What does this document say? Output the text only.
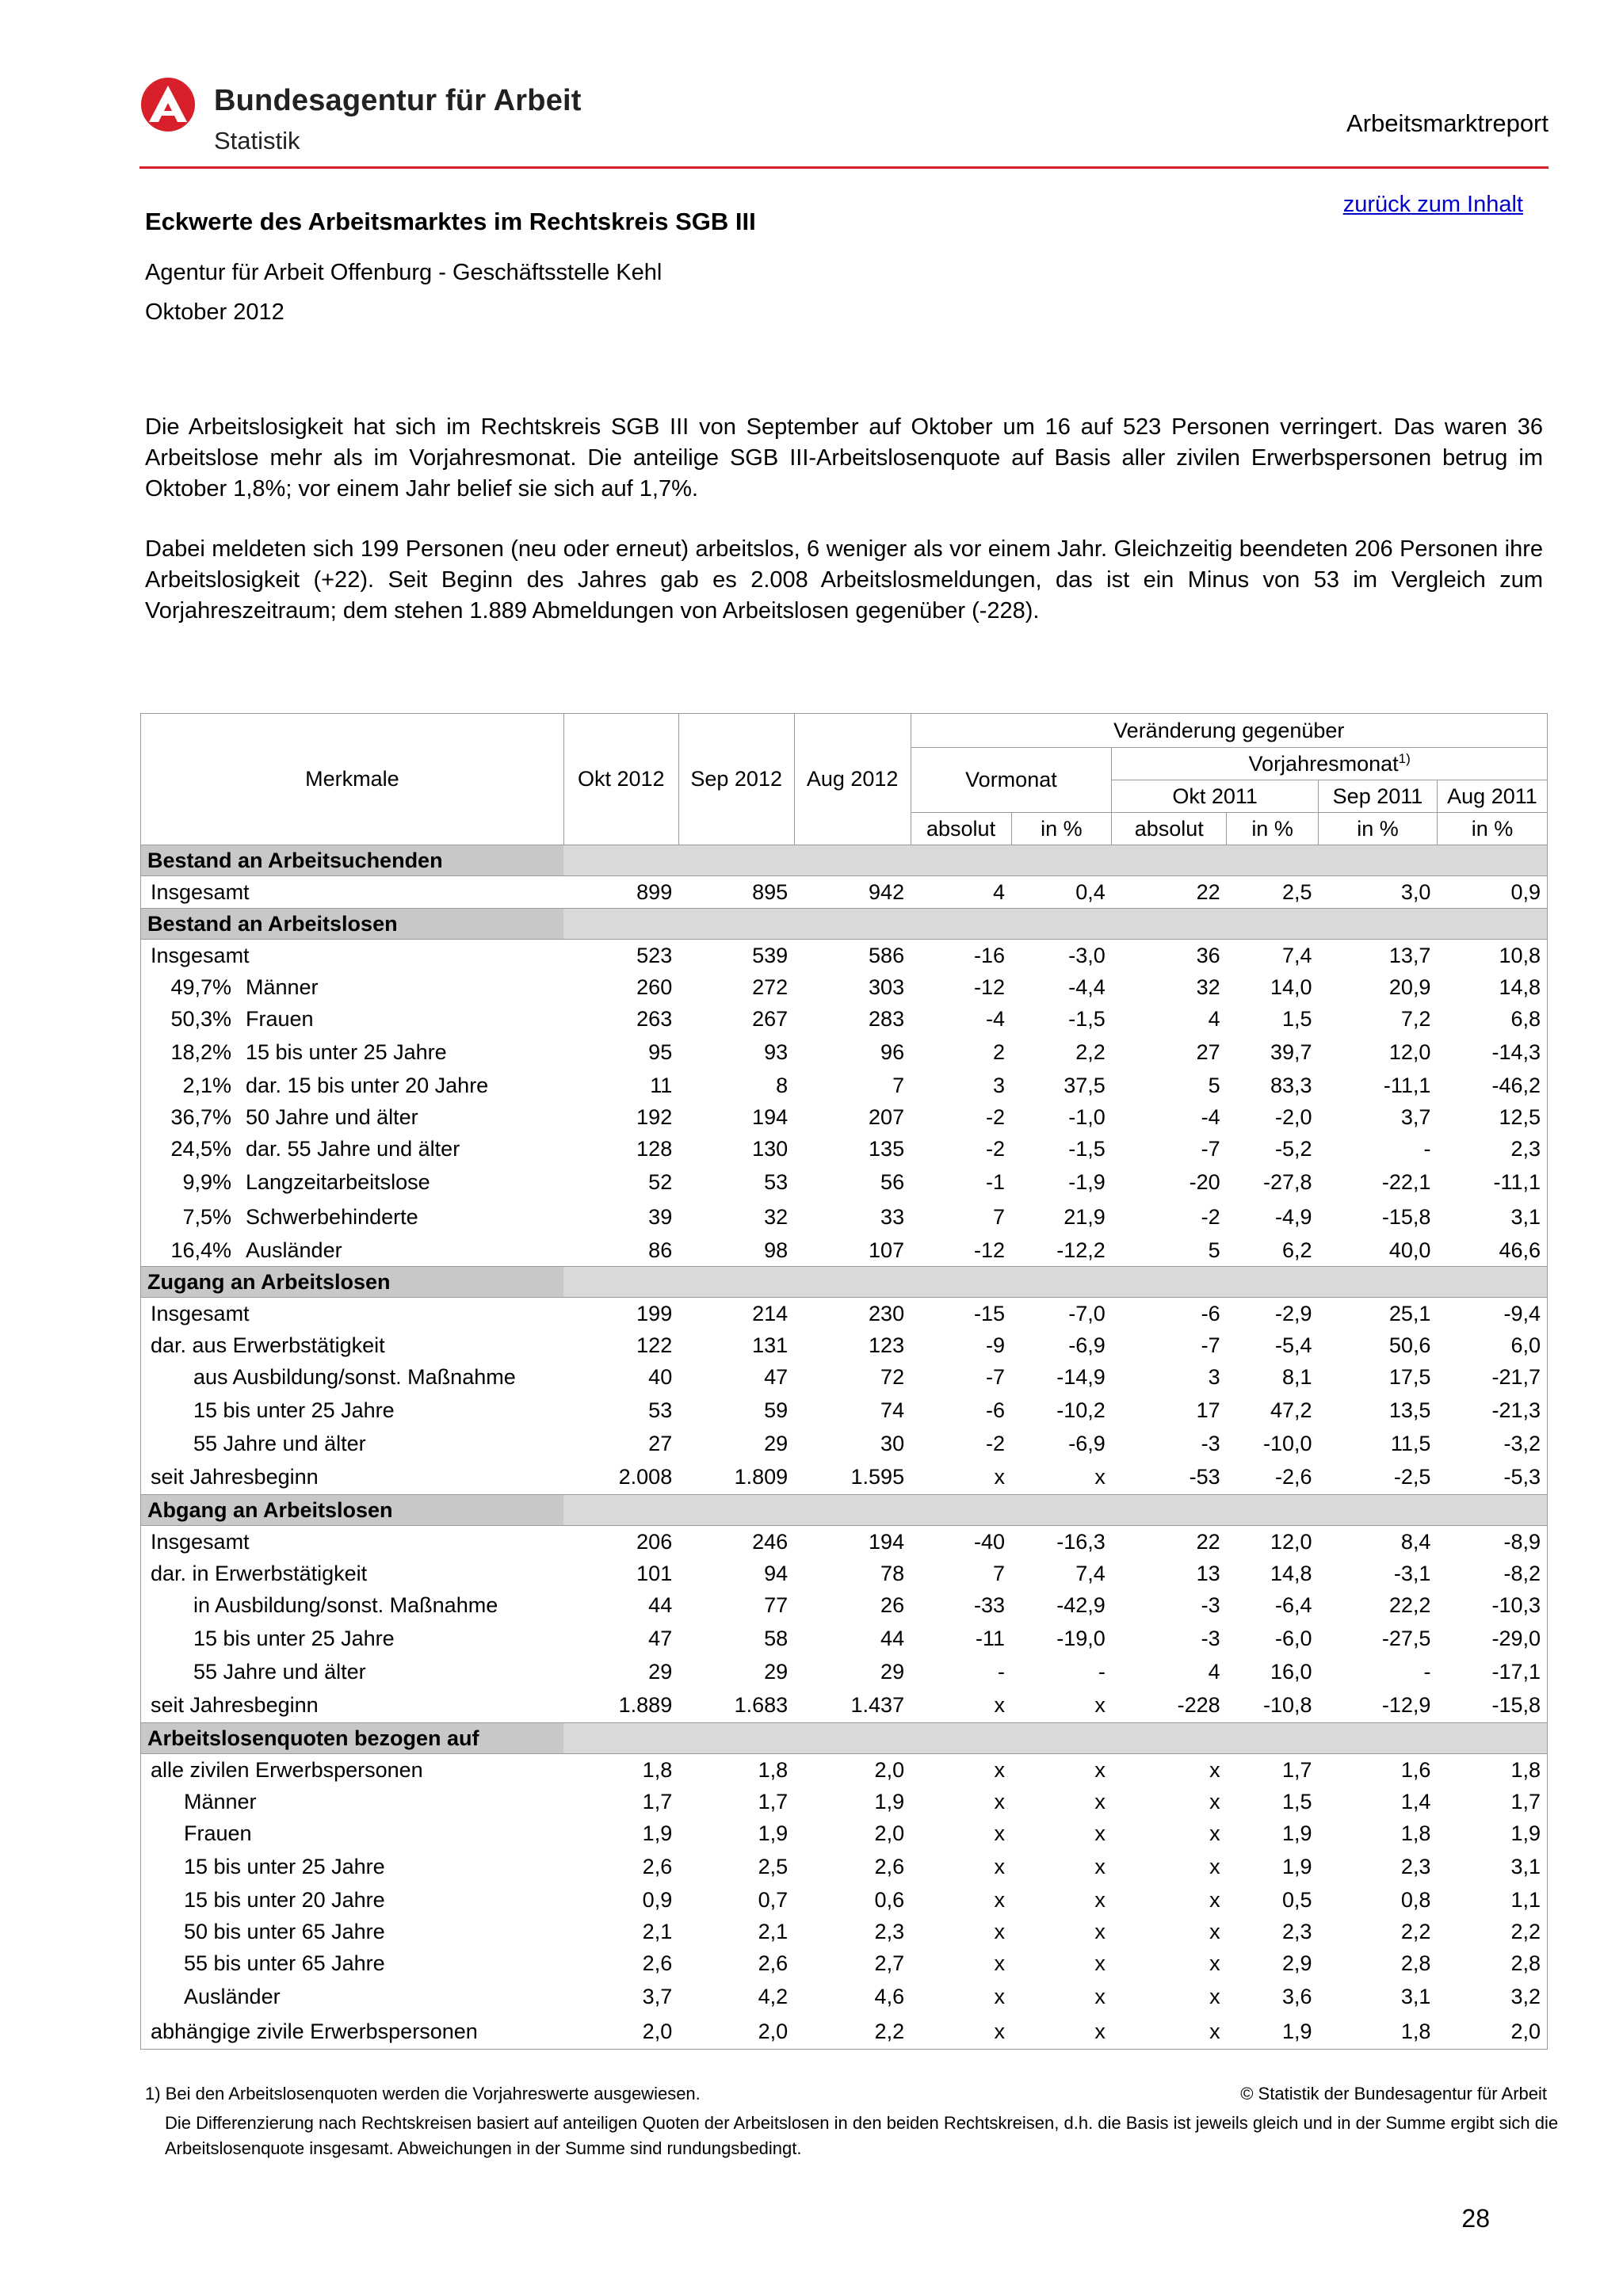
Bundesagentur für Arbeit
Statistik
Arbeitsmarktreport
zurück zum Inhalt
Eckwerte des Arbeitsmarktes im Rechtskreis SGB III
Agentur für Arbeit Offenburg - Geschäftsstelle Kehl
Oktober 2012
Die Arbeitslosigkeit hat sich im Rechtskreis SGB III von September auf Oktober um 16 auf 523 Personen verringert. Das waren 36 Arbeitslose mehr als im Vorjahresmonat. Die anteilige SGB III-Arbeitslosenquote auf Basis aller zivilen Erwerbspersonen betrug im Oktober 1,8%; vor einem Jahr belief sie sich auf 1,7%.
Dabei meldeten sich 199 Personen (neu oder erneut) arbeitslos, 6 weniger als vor einem Jahr. Gleichzeitig beendeten 206 Personen ihre Arbeitslosigkeit (+22). Seit Beginn des Jahres gab es 2.008 Arbeitslosmeldungen, das ist ein Minus von 53 im Vergleich zum Vorjahreszeitraum; dem stehen 1.889 Abmeldungen von Arbeitslosen gegenüber (-228).
Merkmale	Okt 2012	Sep 2012	Aug 2012	Veränderung gegenüber					
				Vormonat		Vorjahresmonat$^{1)}$
						Okt 2011		Sep 2011	Aug 2011
				absolut	in %	absolut	in %	in %	in %
Bestand an Arbeitsuchenden									
Insgesamt	899	895	942	4	0,4	22	2,5	3,0	0,9
Bestand an Arbeitslosen									
Insgesamt	523	539	586	-16	-3,0	36	7,4	13,7	10,8
49,7% Männer	260	272	303	-12	-4,4	32	14,0	20,9	14,8
50,3% Frauen	263	267	283	-4	-1,5	4	1,5	7,2	6,8
18,2% 15 bis unter 25 Jahre	95	93	96	2	2,2	27	39,7	12,0	-14,3
2,1% dar. 15 bis unter 20 Jahre	11	8	7	3	37,5	5	83,3	-11,1	-46,2
36,7% 50 Jahre und älter	192	194	207	-2	-1,0	-4	-2,0	3,7	12,5
24,5% dar. 55 Jahre und älter	128	130	135	-2	-1,5	-7	-5,2	-	2,3
9,9% Langzeitarbeitslose	52	53	56	-1	-1,9	-20	-27,8	-22,1	-11,1
7,5% Schwerbehinderte	39	32	33	7	21,9	-2	-4,9	-15,8	3,1
16,4% Ausländer	86	98	107	-12	-12,2	5	6,2	40,0	46,6
Zugang an Arbeitslosen									
Insgesamt	199	214	230	-15	-7,0	-6	-2,9	25,1	-9,4
dar. aus Erwerbstätigkeit	122	131	123	-9	-6,9	-7	-5,4	50,6	6,0
aus Ausbildung/sonst. Maßnahme	40	47	72	-7	-14,9	3	8,1	17,5	-21,7
15 bis unter 25 Jahre	53	59	74	-6	-10,2	17	47,2	13,5	-21,3
55 Jahre und älter	27	29	30	-2	-6,9	-3	-10,0	11,5	-3,2
seit Jahresbeginn	2.008	1.809	1.595	x	x	-53	-2,6	-2,5	-5,3
Abgang an Arbeitslosen									
Insgesamt	206	246	194	-40	-16,3	22	12,0	8,4	-8,9
dar. in Erwerbstätigkeit	101	94	78	7	7,4	13	14,8	-3,1	-8,2
in Ausbildung/sonst. Maßnahme	44	77	26	-33	-42,9	-3	-6,4	22,2	-10,3
15 bis unter 25 Jahre	47	58	44	-11	-19,0	-3	-6,0	-27,5	-29,0
55 Jahre und älter	29	29	29	-	-	4	16,0	-	-17,1
seit Jahresbeginn	1.889	1.683	1.437	x	x	-228	-10,8	-12,9	-15,8
Arbeitslosenquoten bezogen auf									
alle zivilen Erwerbspersonen	1,8	1,8	2,0	x	x	x	1,7	1,6	1,8
Männer	1,7	1,7	1,9	x	x	x	1,5	1,4	1,7
Frauen	1,9	1,9	2,0	x	x	x	1,9	1,8	1,9
15 bis unter 25 Jahre	2,6	2,5	2,6	x	x	x	1,9	2,3	3,1
15 bis unter 20 Jahre	0,9	0,7	0,6	x	x	x	0,5	0,8	1,1
50 bis unter 65 Jahre	2,1	2,1	2,3	x	x	x	2,3	2,2	2,2
55 bis unter 65 Jahre	2,6	2,6	2,7	x	x	x	2,9	2,8	2,8
Ausländer	3,7	4,2	4,6	x	x	x	3,6	3,1	3,2
abhängige zivile Erwerbspersonen	2,0	2,0	2,2	x	x	x	1,9	1,8	2,0
1) Bei den Arbeitslosenquoten werden die Vorjahreswerte ausgewiesen.	© Statistik der Bundesagentur für Arbeit
Die Differenzierung nach Rechtskreisen basiert auf anteiligen Quoten der Arbeitslosen in den beiden Rechtskreisen, d.h. die Basis ist jeweils gleich und in der Summe ergibt sich die Arbeitslosenquote insgesamt. Abweichungen in der Summe sind rundungsbedingt.
28
